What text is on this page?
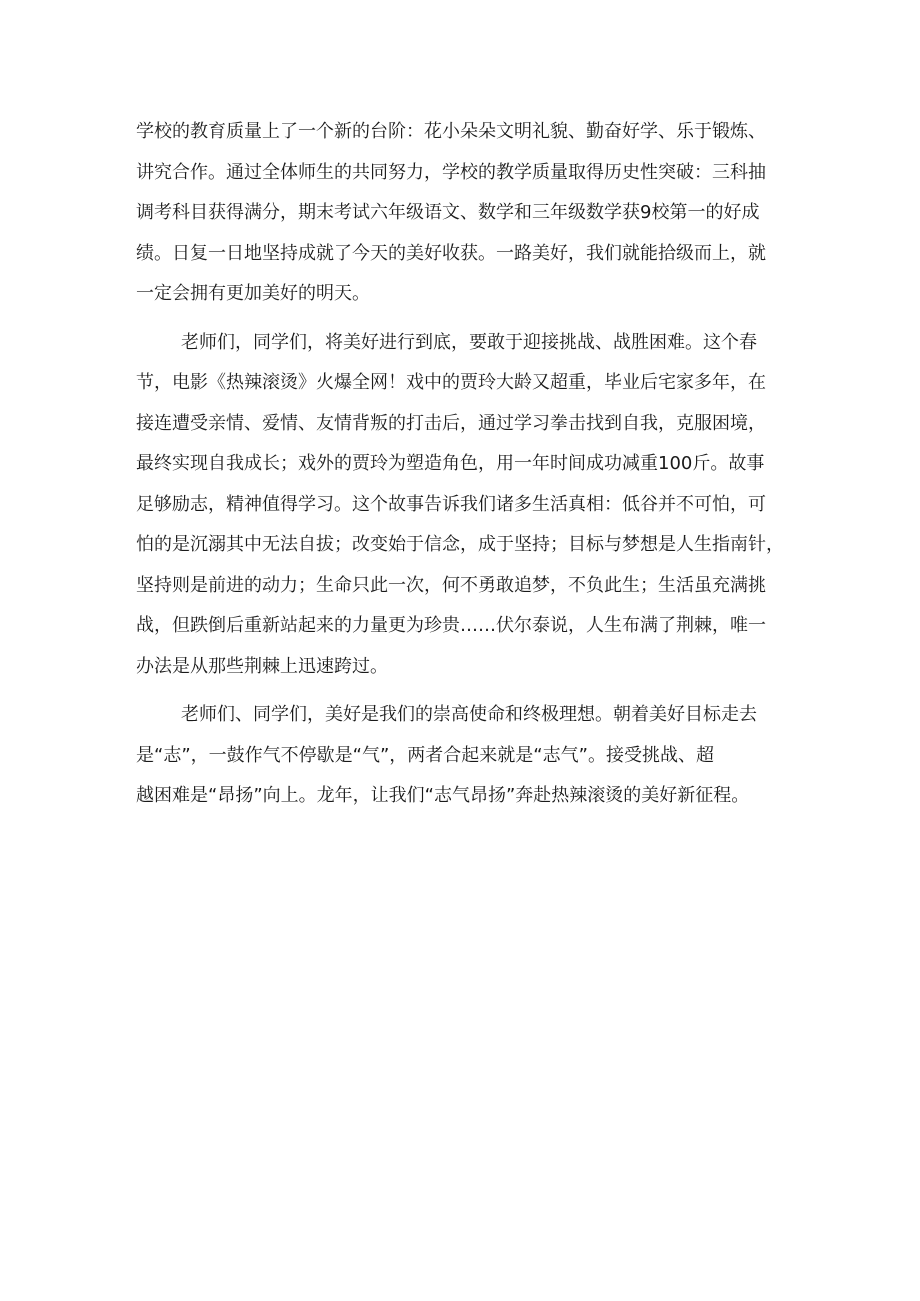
学校的教育质量上了一个新的台阶：花小朵朵文明礼貌、勤奋好学、乐于锻炼、
讲究合作。通过全体师生的共同努力，学校的教学质量取得历史性突破：三科抽
调考科目获得满分，期末考试六年级语文、数学和三年级数学获9校第一的好成
绩。日复一日地坚持成就了今天的美好收获。一路美好，我们就能拾级而上，就
一定会拥有更加美好的明天。
老师们，同学们，将美好进行到底，要敢于迎接挑战、战胜困难。这个春
节，电影《热辣滚烫》火爆全网！戏中的贾玲大龄又超重，毕业后宅家多年，在
接连遭受亲情、爱情、友情背叛的打击后，通过学习拳击找到自我，克服困境，
最终实现自我成长；戏外的贾玲为塑造角色，用一年时间成功减重100斤。故事
足够励志，精神值得学习。这个故事告诉我们诸多生活真相：低谷并不可怕，可
怕的是沉溺其中无法自拔；改变始于信念，成于坚持；目标与梦想是人生指南针，
坚持则是前进的动力；生命只此一次，何不勇敢追梦，不负此生；生活虽充满挑
战，但跌倒后重新站起来的力量更为珍贵……伏尔泰说，人生布满了荆棘，唯一
办法是从那些荆棘上迅速跨过。
老师们、同学们，美好是我们的崇高使命和终极理想。朝着美好目标走去
是“志”，一鼓作气不停歇是“气”，两者合起来就是“志气”。接受挑战、超
越困难是“昂扬”向上。龙年，让我们“志气昂扬”奔赴热辣滚烫的美好新征程。
